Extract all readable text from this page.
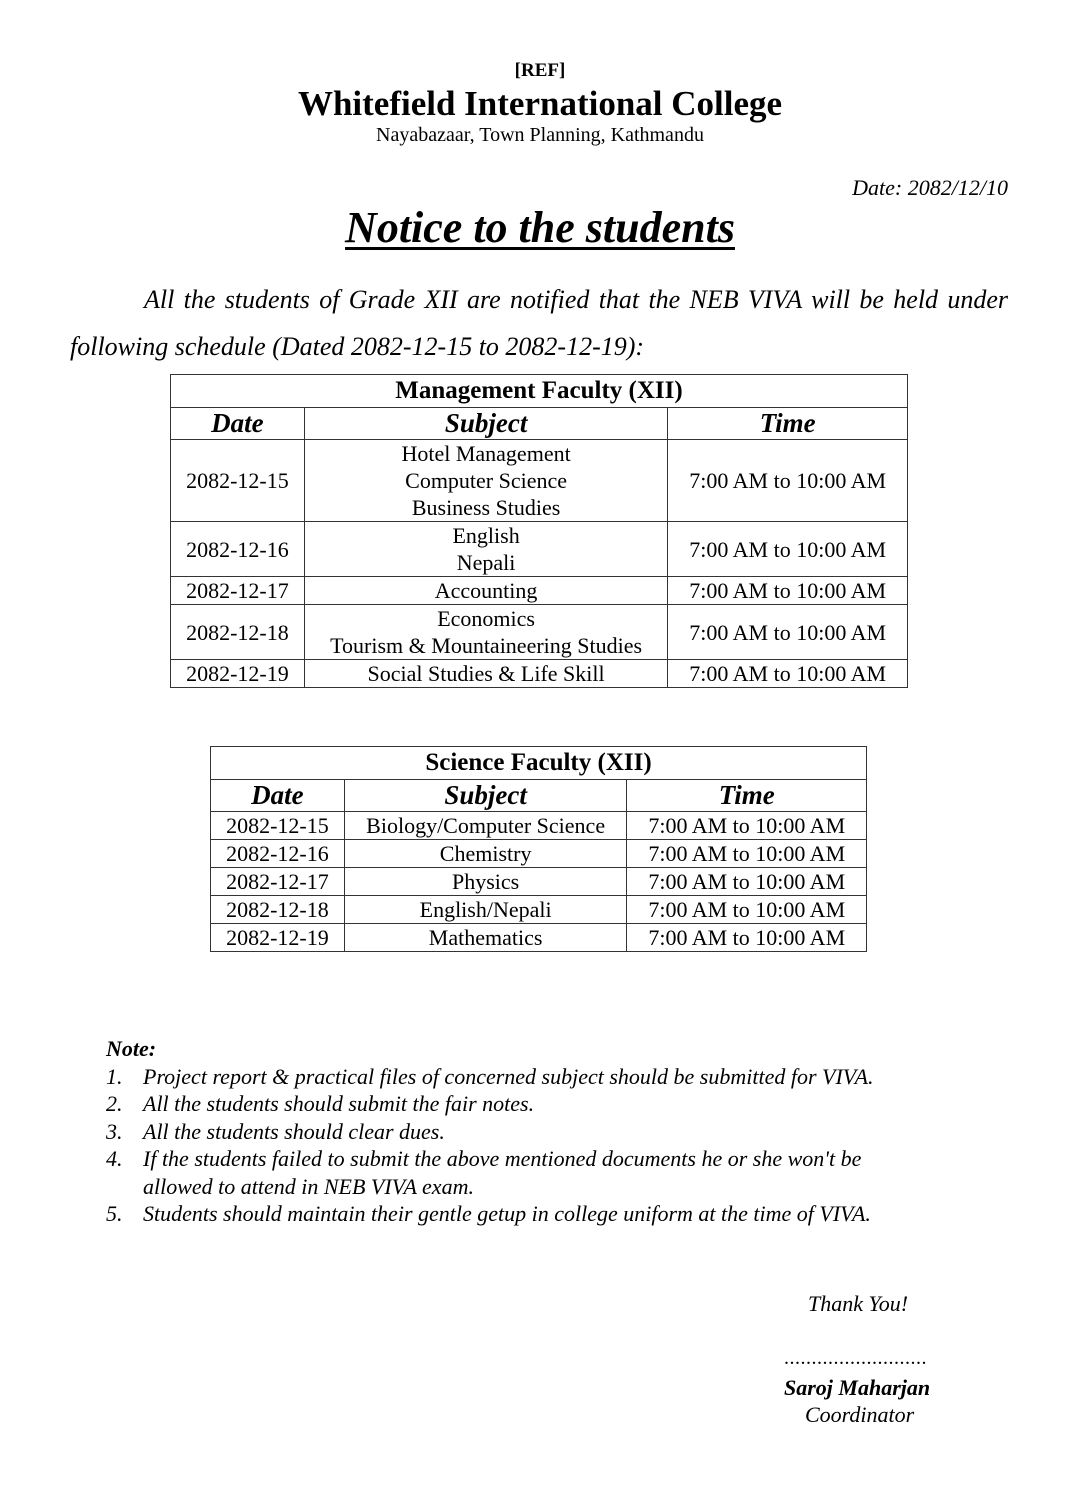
[REF]
Whitefield International College
Nayabazaar, Town Planning, Kathmandu
Date: 2082/12/10
Notice to the students
All the students of Grade XII are notified that the NEB VIVA will be held under following schedule (Dated 2082-12-15 to 2082-12-19):
Management Faculty (XII)		
Date	Subject	Time
2082-12-15	Hotel Management
Computer Science
Business Studies	7:00 AM to 10:00 AM
2082-12-16	English
Nepali	7:00 AM to 10:00 AM
2082-12-17	Accounting	7:00 AM to 10:00 AM
2082-12-18	Economics
Tourism & Mountaineering Studies	7:00 AM to 10:00 AM
2082-12-19	Social Studies & Life Skill	7:00 AM to 10:00 AM
Science Faculty (XII)		
Date	Subject	Time
2082-12-15	Biology/Computer Science	7:00 AM to 10:00 AM
2082-12-16	Chemistry	7:00 AM to 10:00 AM
2082-12-17	Physics	7:00 AM to 10:00 AM
2082-12-18	English/Nepali	7:00 AM to 10:00 AM
2082-12-19	Mathematics	7:00 AM to 10:00 AM
Note:
1. Project report & practical files of concerned subject should be submitted for VIVA.
2. All the students should submit the fair notes.
3. All the students should clear dues.
4. If the students failed to submit the above mentioned documents he or she won't be allowed to attend in NEB VIVA exam.
5. Students should maintain their gentle getup in college uniform at the time of VIVA.
Thank You!
..........................
Saroj Maharjan
Coordinator
